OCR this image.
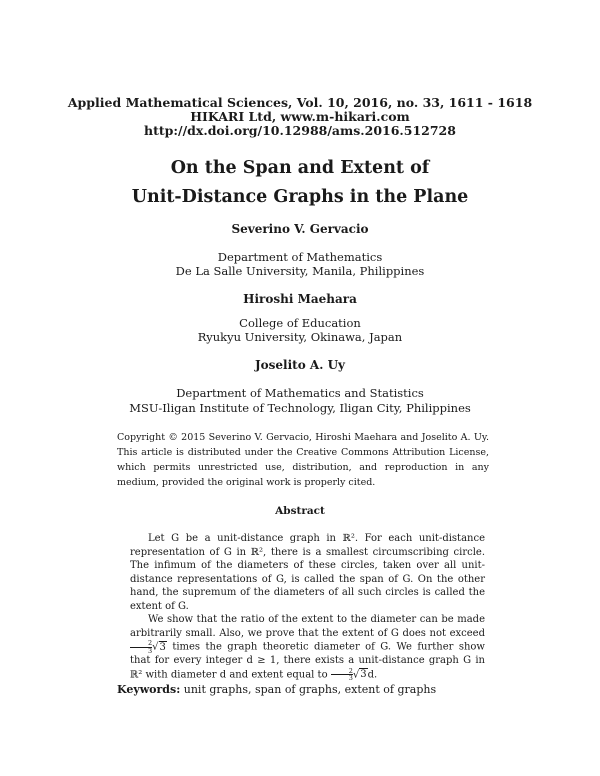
Applied Mathematical Sciences, Vol. 10, 2016, no. 33, 1611 - 1618
HIKARI Ltd, www.m-hikari.com
http://dx.doi.org/10.12988/ams.2016.512728
On the Span and Extent of
Unit-Distance Graphs in the Plane
Severino V. Gervacio
Department of Mathematics
De La Salle University, Manila, Philippines
Hiroshi Maehara
College of Education
Ryukyu University, Okinawa, Japan
Joselito A. Uy
Department of Mathematics and Statistics
MSU-Iligan Institute of Technology, Iligan City, Philippines
Copyright © 2015 Severino V. Gervacio, Hiroshi Maehara and Joselito A. Uy. This article is distributed under the Creative Commons Attribution License, which permits unrestricted use, distribution, and reproduction in any medium, provided the original work is properly cited.
Abstract

Let G be a unit-distance graph in ℝ². For each unit-distance representation of G in ℝ², there is a smallest circumscribing circle. The infimum of the diameters of these circles, taken over all unit-distance representations of G, is called the span of G. On the other hand, the supremum of the diameters of all such circles is called the extent of G.

We show that the ratio of the extent to the diameter can be made arbitrarily small. Also, we prove that the extent of G does not exceed
$\frac{2}{3} √3$ times the graph theoretic diameter of G. We further show that for every integer d ≥ 1, there exists a unit-distance graph G in ℝ² with diameter d and extent equal to $\frac{2}{3} √3d$.

Keywords: unit graphs, span of graphs, extent of graphs
